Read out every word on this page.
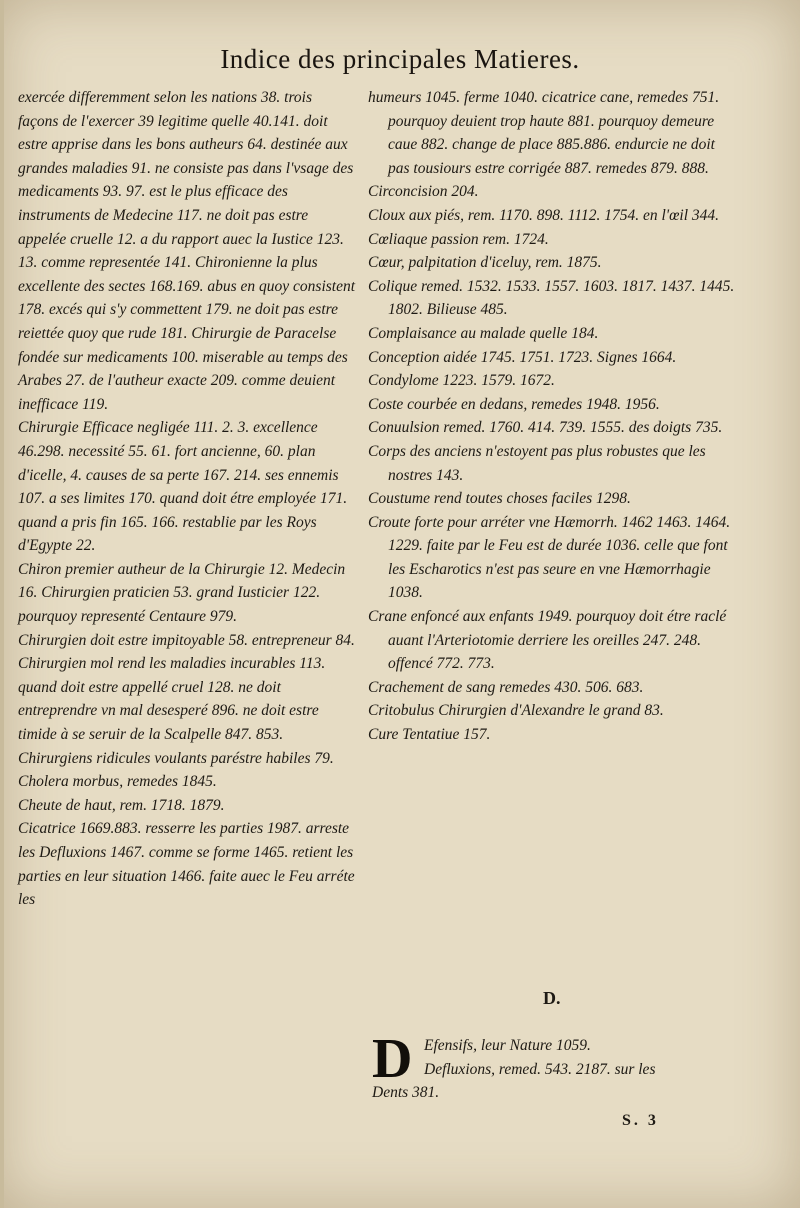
Indice des principales Matieres.

exercée differemment selon les nations 38. trois façons de l'exercer 39 legitime quelle 40.141. doit estre apprise dans les bons autheurs 64. destinée aux grandes maladies 91. ne consiste pas dans l'vsage des medicaments 93. 97. est le plus efficace des instruments de Medecine 117. ne doit pas estre appelée cruelle 12. a du rapport auec la Iustice 123. 13. comme representée 141. Chironienne la plus excellente des sectes 168.169. abus en quoy consistent 178. excés qui s'y commettent 179. ne doit pas estre reiettée quoy que rude 181. Chirurgie de Paracelse fondée sur medicaments 100. miserable au temps des Arabes 27. de l'autheur exacte 209. comme deuient inefficace 119.

Chirurgie Efficace negligée 111. 2. 3. excellence 46.298. necessité 55. 61. fort ancienne, 60. plan d'icelle, 4. causes de sa perte 167. 214. ses ennemis 107. a ses limites 170. quand doit étre employée 171. quand a pris fin 165. 166. restablie par les Roys d'Egypte 22.

Chiron premier autheur de la Chirurgie 12. Medecin 16. Chirurgien praticien 53. grand Iusticier 122. pourquoy representé Centaure 979.

Chirurgien doit estre impitoyable 58. entrepreneur 84. Chirurgien mol rend les maladies incurables 113. quand doit estre appellé cruel 128. ne doit entreprendre vn mal desesperé 896. ne doit estre timide à se seruir de la Scalpelle 847. 853. Chirurgiens ridicules voulants paréstre habiles 79.

Cholera morbus, remedes 1845.

Cheute de haut, rem. 1718. 1879.

Cicatrice 1669.883. resserre les parties 1987. arreste les Defluxions 1467. comme se forme 1465. retient les parties en leur situation 1466. faite auec le Feu arréte les

humeurs 1045. ferme 1040. cicatrice cane, remedes 751. pourquoy deuient trop haute 881. pourquoy demeure caue 882. change de place 885.886. endurcie ne doit pas tousiours estre corrigée 887. remedes 879. 888.

Circoncision 204.

Cloux aux piés, rem. 1170. 898. 1112. 1754. en l'œil 344.

Cœliaque passion rem. 1724.

Cœur, palpitation d'iceluy, rem. 1875.

Colique remed. 1532. 1533. 1557. 1603. 1817. 1437. 1445. 1802. Bilieuse 485.

Complaisance au malade quelle 184.

Conception aidée 1745. 1751. 1723. Signes 1664.

Condylome 1223. 1579. 1672.

Coste courbée en dedans, remedes 1948. 1956.

Conuulsion remed. 1760. 414. 739. 1555. des doigts 735.

Corps des anciens n'estoyent pas plus robustes que les nostres 143.

Coustume rend toutes choses faciles 1298.

Croute forte pour arréter vne Hæmorrh. 1462 1463. 1464. 1229. faite par le Feu est de durée 1036. celle que font les Escharotics n'est pas seure en vne Hæmorrhagie 1038.

Crane enfoncé aux enfants 1949. pourquoy doit étre raclé auant l'Arteriotomie derriere les oreilles 247. 248. offencé 772. 773.

Crachement de sang remedes 430. 506. 683.

Critobulus Chirurgien d'Alexandre le grand 83.

Cure Tentatiue 157.

D.
D Efensifs, leur Nature 1059.

Defluxions, remed. 543. 2187. sur les

Dents 381.

S. 3
